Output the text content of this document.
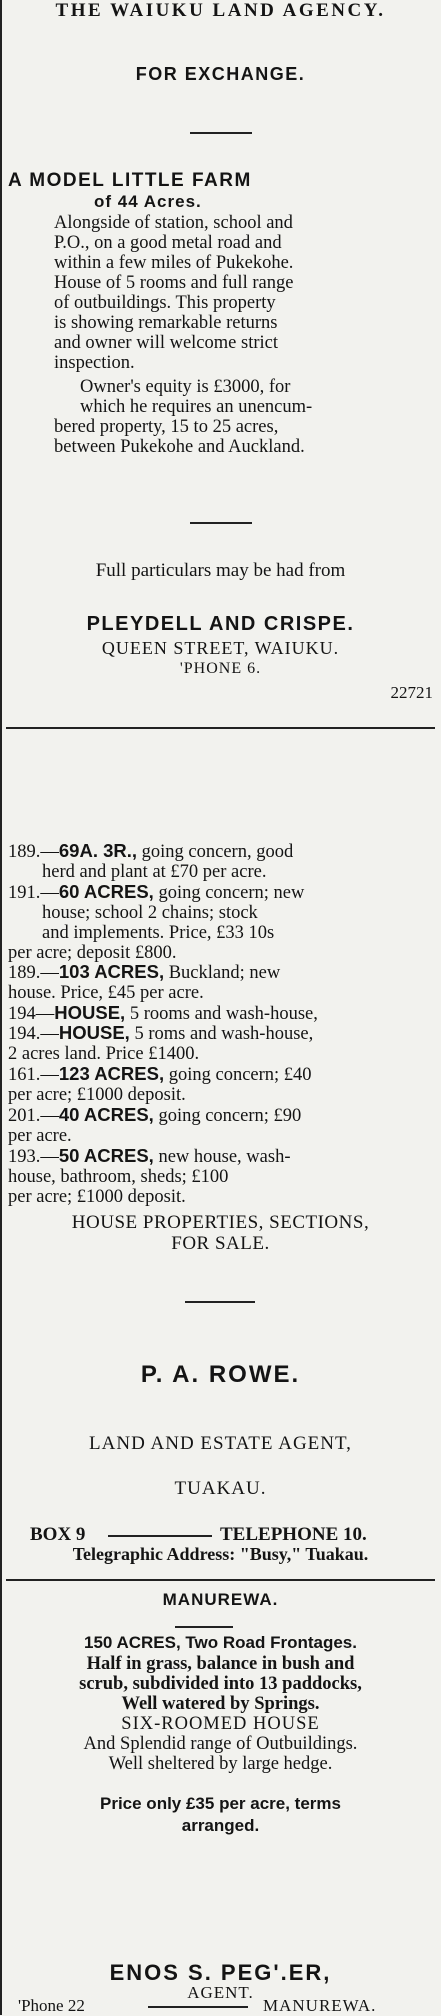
THE WAIUKU LAND AGENCY.
FOR EXCHANGE.
A MODEL LITTLE FARM
of 44 Acres.
Alongside of station, school and
P.O., on a good metal road and
within a few miles of Pukekohe.
House of 5 rooms and full range
of outbuildings. This property
is showing remarkable returns
and owner will welcome strict
inspection.
Owner's equity is £3000, for
which he requires an unencum-
bered property, 15 to 25 acres,
between Pukekohe and Auckland.
Full particulars may be had from
PLEYDELL AND CRISPE.
QUEEN STREET, WAIUKU.
'PHONE 6.
22721
189.—69A. 3R., going concern, good
herd and plant at £70 per acre.
191.—60 ACRES, going concern; new
house; school 2 chains; stock
and implements. Price, £33 10s
per acre; deposit £800.
189.—103 ACRES, Buckland; new
house. Price, £45 per acre.
194—HOUSE, 5 rooms and wash-house,
194.—HOUSE, 5 roms and wash-house,
2 acres land. Price £1400.
161.—123 ACRES, going concern; £40
per acre; £1000 deposit.
201.—40 ACRES, going concern; £90
per acre.
193.—50 ACRES, new house, wash-
house, bathroom, sheds; £100
per acre; £1000 deposit.
HOUSE PROPERTIES, SECTIONS,
FOR SALE.
P. A. ROWE.
LAND AND ESTATE AGENT,
TUAKAU.
BOX 9	TELEPHONE 10.
Telegraphic Address: "Busy," Tuakau.
MANUREWA.
150 ACRES, Two Road Frontages.
Half in grass, balance in bush and
scrub, subdivided into 13 paddocks,
Well watered by Springs.
SIX-ROOMED HOUSE
And Splendid range of Outbuildings.
Well sheltered by large hedge.
Price only £35 per acre, terms
arranged.
ENOS S. PEG'.ER,
AGENT.
'Phone 22	MANUREWA.
